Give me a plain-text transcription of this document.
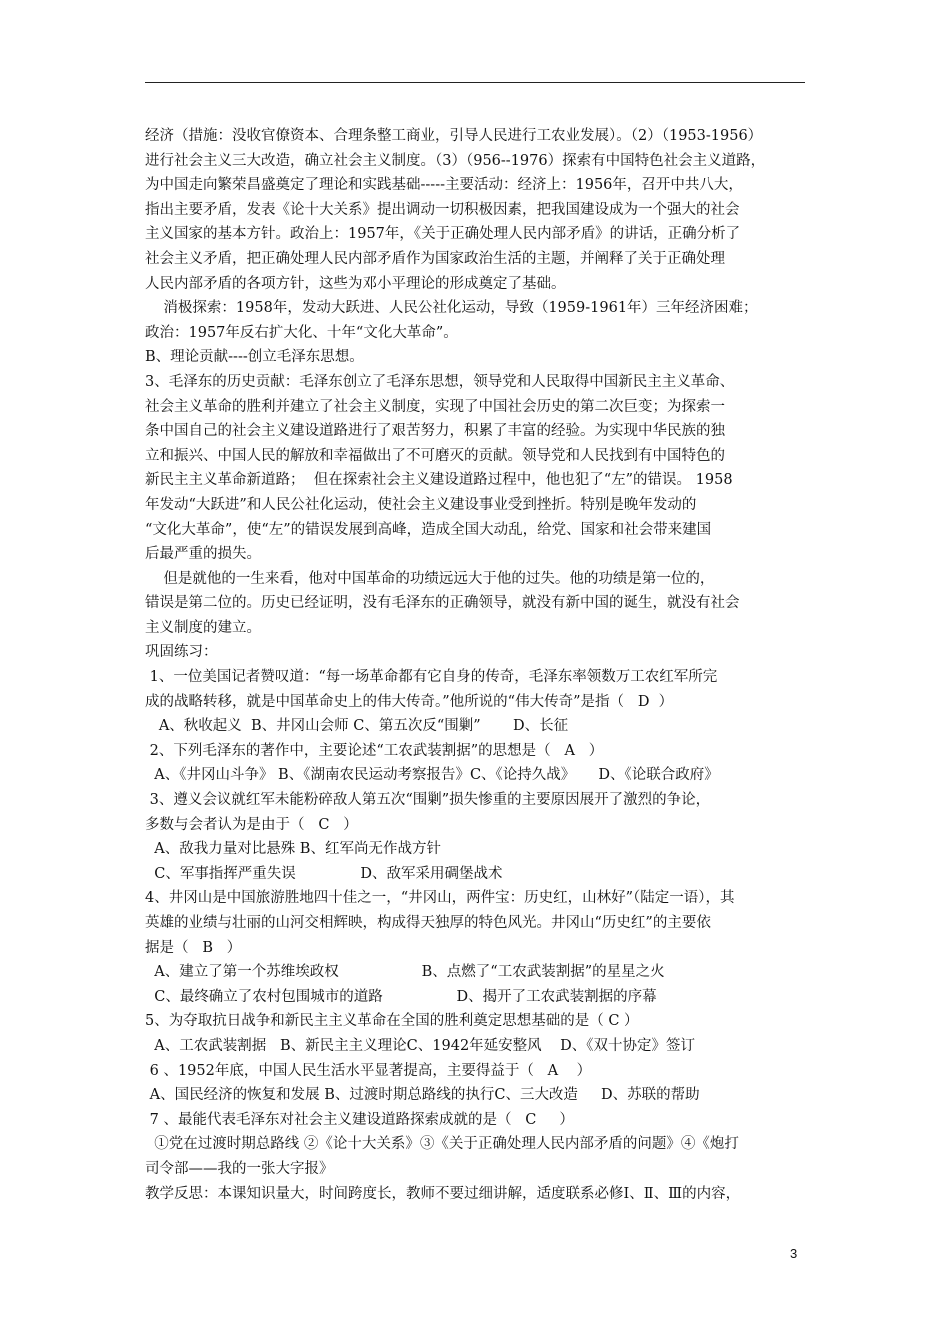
经济（措施：没收官僚资本、合理条整工商业，引导人民进行工农业发展）。（2）（1953-1956）
进行社会主义三大改造，确立社会主义制度。（3）（956--1976）探索有中国特色社会主义道路，
为中国走向繁荣昌盛奠定了理论和实践基础-----主要活动：经济上：1956年，召开中共八大，
指出主要矛盾，发表《论十大关系》提出调动一切积极因素，把我国建设成为一个强大的社会
主义国家的基本方针。政治上：1957年，《关于正确处理人民内部矛盾》的讲话，正确分析了
社会主义矛盾，把正确处理人民内部矛盾作为国家政治生活的主题，并阐释了关于正确处理
人民内部矛盾的各项方针，这些为邓小平理论的形成奠定了基础。
消极探索：1958年，发动大跃进、人民公社化运动，导致（1959-1961年）三年经济困难；
政治：1957年反右扩大化、十年“文化大革命”。
B、理论贡献----创立毛泽东思想。
3、毛泽东的历史贡献：毛泽东创立了毛泽东思想，领导党和人民取得中国新民主主义革命、
社会主义革命的胜利并建立了社会主义制度，实现了中国社会历史的第二次巨变；为探索一
条中国自己的社会主义建设道路进行了艰苦努力，积累了丰富的经验。为实现中华民族的独
立和振兴、中国人民的解放和幸福做出了不可磨灭的贡献。领导党和人民找到有中国特色的
新民主主义革命新道路；  但在探索社会主义建设道路过程中，他也犯了“左”的错误。 1958
年发动“大跃进”和人民公社化运动，使社会主义建设事业受到挫折。特别是晚年发动的
“文化大革命”，使“左”的错误发展到高峰，造成全国大动乱，给党、国家和社会带来建国
后最严重的损失。
但是就他的一生来看，他对中国革命的功绩远远大于他的过失。他的功绩是第一位的，
错误是第二位的。历史已经证明，没有毛泽东的正确领导，就没有新中国的诞生，就没有社会
主义制度的建立。
巩固练习：
1、一位美国记者赞叹道：“每一场革命都有它自身的传奇，毛泽东率领数万工农红军所完
成的战略转移，就是中国革命史上的伟大传奇。”他所说的“伟大传奇”是指（   D  ）
A、秋收起义  B、井冈山会师 C、第五次反“围剿”       D、长征
2、下列毛泽东的著作中，主要论述“工农武装割据”的思想是（   A   ）
A、《井冈山斗争》 B、《湖南农民运动考察报告》C、《论持久战》     D、《论联合政府》
3、遵义会议就红军未能粉碎敌人第五次“围剿”损失惨重的主要原因展开了激烈的争论，
多数与会者认为是由于（   C   ）
A、敌我力量对比悬殊 B、红军尚无作战方针
C、军事指挥严重失误              D、敌军采用碉堡战术
4、井冈山是中国旅游胜地四十佳之一，“井冈山，两件宝：历史红，山林好”（陆定一语），其
英雄的业绩与壮丽的山河交相辉映，构成得天独厚的特色风光。井冈山“历史红”的主要依
据是（   B   ）
A、建立了第一个苏维埃政权                  B、点燃了“工农武装割据”的星星之火
C、最终确立了农村包围城市的道路                D、揭开了工农武装割据的序幕
5、为夺取抗日战争和新民主主义革命在全国的胜利奠定思想基础的是（ C ）
A、工农武装割据   B、新民主主义理论C、1942年延安整风    D、《双十协定》签订
6 、1952年底，中国人民生活水平显著提高，主要得益于（   A    ）
A、国民经济的恢复和发展 B、过渡时期总路线的执行C、三大改造     D、苏联的帮助
7 、最能代表毛泽东对社会主义建设道路探索成就的是（   C     ）
①党在过渡时期总路线 ②《论十大关系》③《关于正确处理人民内部矛盾的问题》④《炮打
司令部——我的一张大字报》
教学反思：本课知识量大，时间跨度长，教师不要过细讲解，适度联系必修Ⅰ、Ⅱ、Ⅲ的内容，
3
